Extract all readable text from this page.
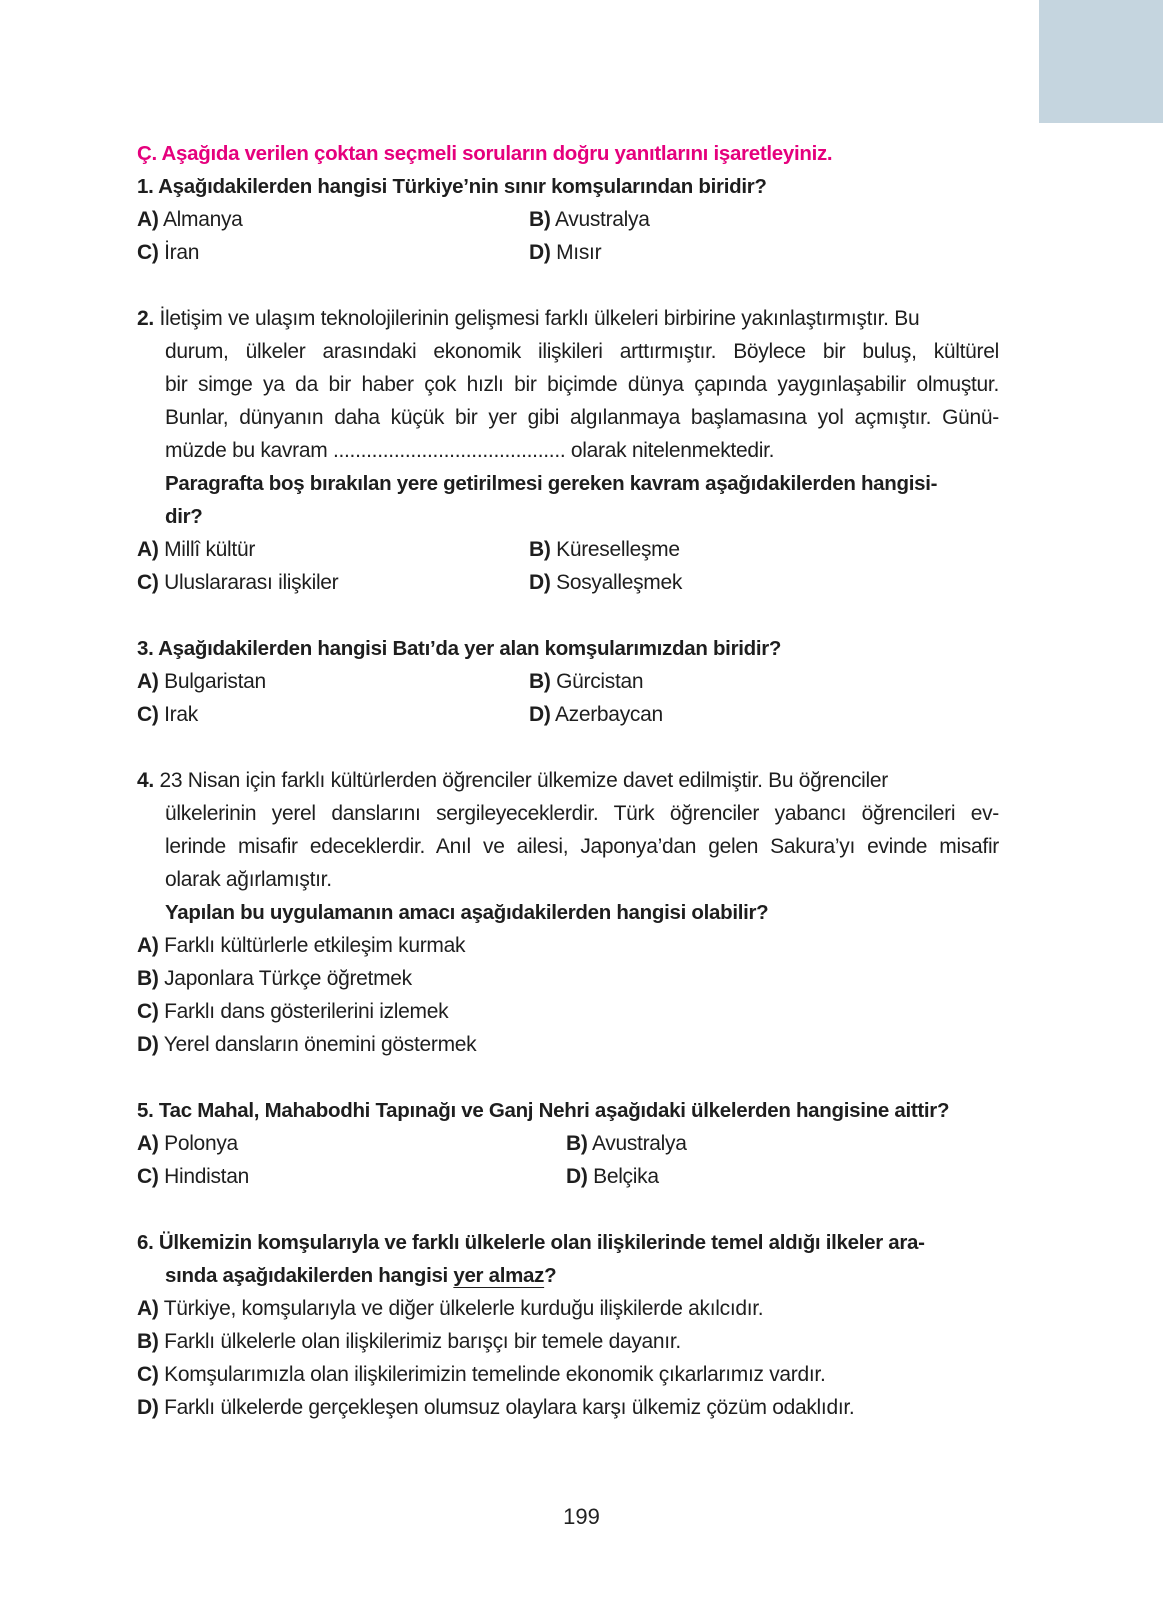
Ç. Aşağıda verilen çoktan seçmeli soruların doğru yanıtlarını işaretleyiniz.
1. Aşağıdakilerden hangisi Türkiye’nin sınır komşularından biridir?
A) Almanya	B) Avustralya
C) İran	D) Mısır
2. İletişim ve ulaşım teknolojilerinin gelişmesi farklı ülkeleri birbirine yakınlaştırmıştır. Bu
durum, ülkeler arasındaki ekonomik ilişkileri arttırmıştır. Böylece bir buluş, kültürel
bir simge ya da bir haber çok hızlı bir biçimde dünya çapında yaygınlaşabilir olmuştur.
Bunlar, dünyanın daha küçük bir yer gibi algılanmaya başlamasına yol açmıştır. Günü-
müzde bu kavram .......................................... olarak nitelenmektedir.
Paragrafta boş bırakılan yere getirilmesi gereken kavram aşağıdakilerden hangisi-
dir?
A) Millî kültür	B) Küreselleşme
C) Uluslararası ilişkiler	D) Sosyalleşmek
3. Aşağıdakilerden hangisi Batı’da yer alan komşularımızdan biridir?
A) Bulgaristan	B) Gürcistan
C) Irak	D) Azerbaycan
4. 23 Nisan için farklı kültürlerden öğrenciler ülkemize davet edilmiştir. Bu öğrenciler
ülkelerinin yerel danslarını sergileyeceklerdir. Türk öğrenciler yabancı öğrencileri ev-
lerinde misafir edeceklerdir. Anıl ve ailesi, Japonya’dan gelen Sakura’yı evinde misafir
olarak ağırlamıştır.
Yapılan bu uygulamanın amacı aşağıdakilerden hangisi olabilir?
A) Farklı kültürlerle etkileşim kurmak
B) Japonlara Türkçe öğretmek
C) Farklı dans gösterilerini izlemek
D) Yerel dansların önemini göstermek
5. Tac Mahal, Mahabodhi Tapınağı ve Ganj Nehri aşağıdaki ülkelerden hangisine aittir?
A) Polonya	B) Avustralya
C) Hindistan	D) Belçika
6. Ülkemizin komşularıyla ve farklı ülkelerle olan ilişkilerinde temel aldığı ilkeler ara-
sında aşağıdakilerden hangisi yer almaz?
A) Türkiye, komşularıyla ve diğer ülkelerle kurduğu ilişkilerde akılcıdır.
B) Farklı ülkelerle olan ilişkilerimiz barışçı bir temele dayanır.
C) Komşularımızla olan ilişkilerimizin temelinde ekonomik çıkarlarımız vardır.
D) Farklı ülkelerde gerçekleşen olumsuz olaylara karşı ülkemiz çözüm odaklıdır.
199
